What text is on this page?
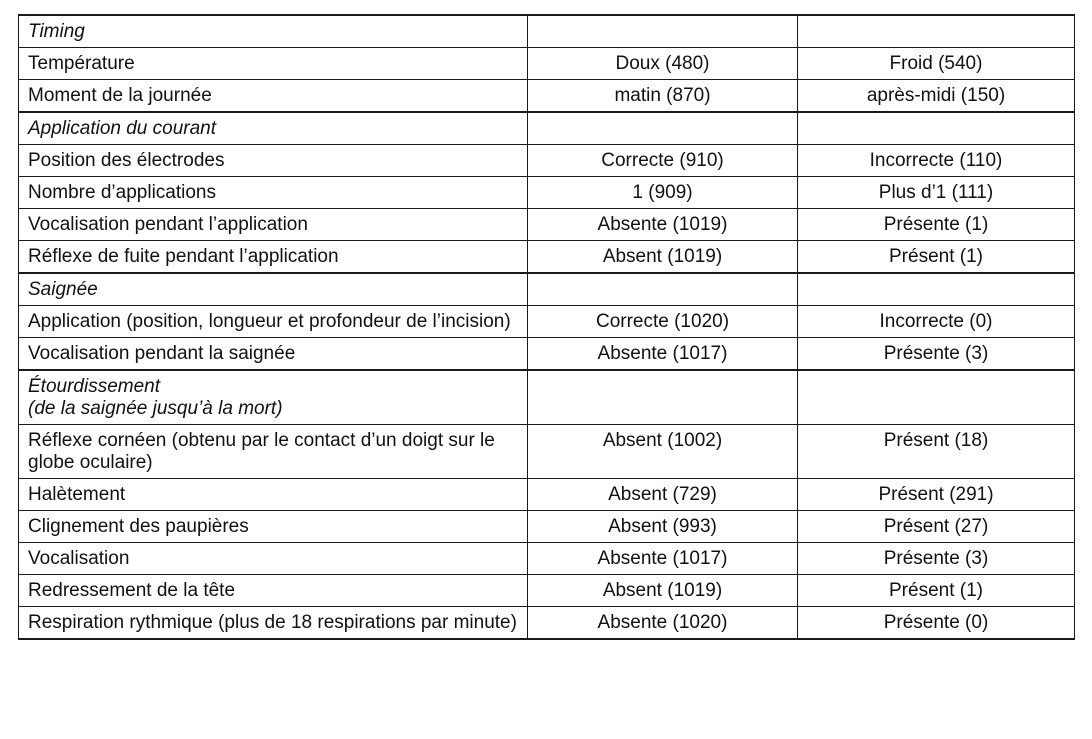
Timing		
Température	Doux (480)	Froid (540)
Moment de la journée	matin (870)	après-midi (150)
Application du courant		
Position des électrodes	Correcte (910)	Incorrecte (110)
Nombre d’applications	1 (909)	Plus d’1 (111)
Vocalisation pendant l’application	Absente (1019)	Présente (1)
Réflexe de fuite pendant l’application	Absent (1019)	Présent (1)
Saignée		
Application (position, longueur et profondeur de l’incision)	Correcte (1020)	Incorrecte (0)
Vocalisation pendant la saignée	Absente (1017)	Présente (3)

Étourdissement
(de la saignée jusqu’à la mort)		

Réflexe cornéen (obtenu par le contact d’un doigt sur le globe oculaire)	Absent (1002)	Présent (18)
Halètement	Absent (729)	Présent (291)
Clignement des paupières	Absent (993)	Présent (27)
Vocalisation	Absente (1017)	Présente (3)
Redressement de la tête	Absent (1019)	Présent (1)
Respiration rythmique (plus de 18 respirations par minute)	Absente (1020)	Présente (0)
